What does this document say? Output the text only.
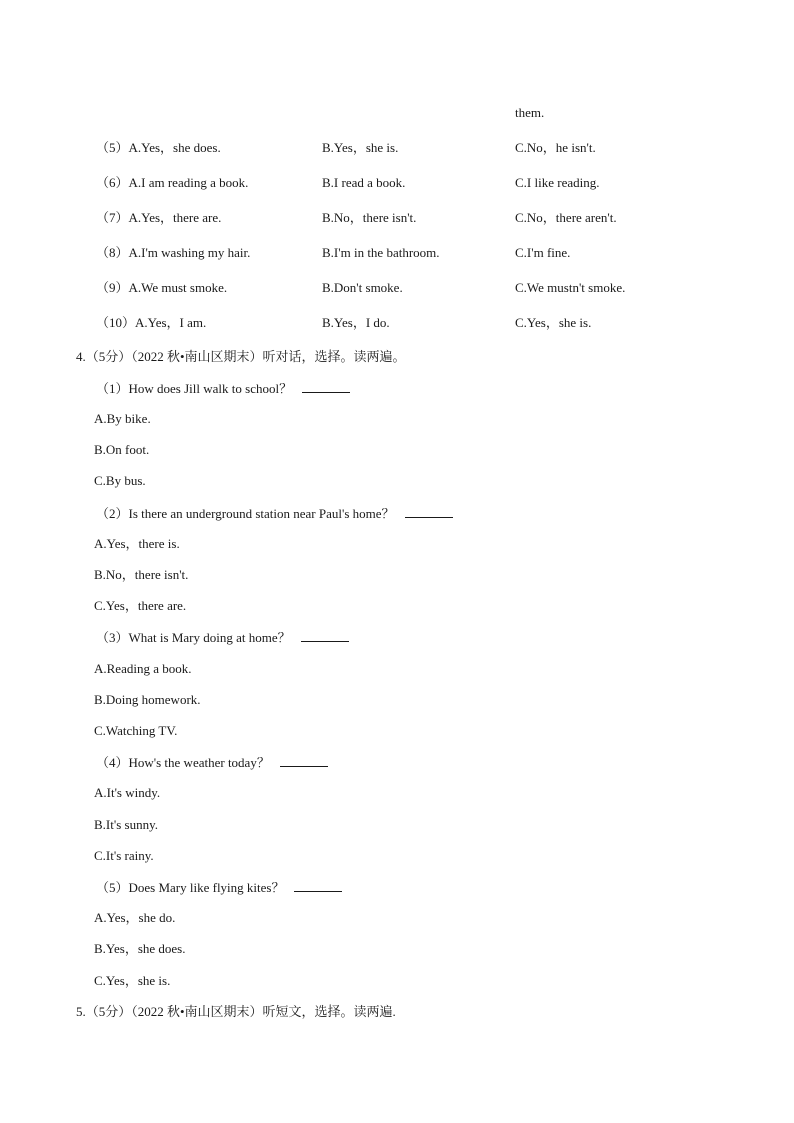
them.
（5）A.Yes，she does.	B.Yes，she is.	C.No，he isn't.
（6）A.I am reading a book.	B.I read a book.	C.I like reading.
（7）A.Yes，there are.	B.No，there isn't.	C.No，there aren't.
（8）A.I'm washing my hair.	B.I'm in the bathroom.	C.I'm fine.
（9）A.We must smoke.	B.Don't smoke.	C.We mustn't smoke.
（10）A.Yes，I am.	B.Yes，I do.	C.Yes，she is.
4.（5分）（2022 秋•南山区期末）听对话，选择。读两遍。
（1）How does Jill walk to school？
A.By bike.
B.On foot.
C.By bus.
（2）Is there an underground station near Paul's home？
A.Yes，there is.
B.No，there isn't.
C.Yes，there are.
（3）What is Mary doing at home？
A.Reading a book.
B.Doing homework.
C.Watching TV.
（4）How's the weather today？
A.It's windy.
B.It's sunny.
C.It's rainy.
（5）Does Mary like flying kites？
A.Yes，she do.
B.Yes，she does.
C.Yes，she is.
5.（5分）（2022 秋•南山区期末）听短文，选择。读两遍.
